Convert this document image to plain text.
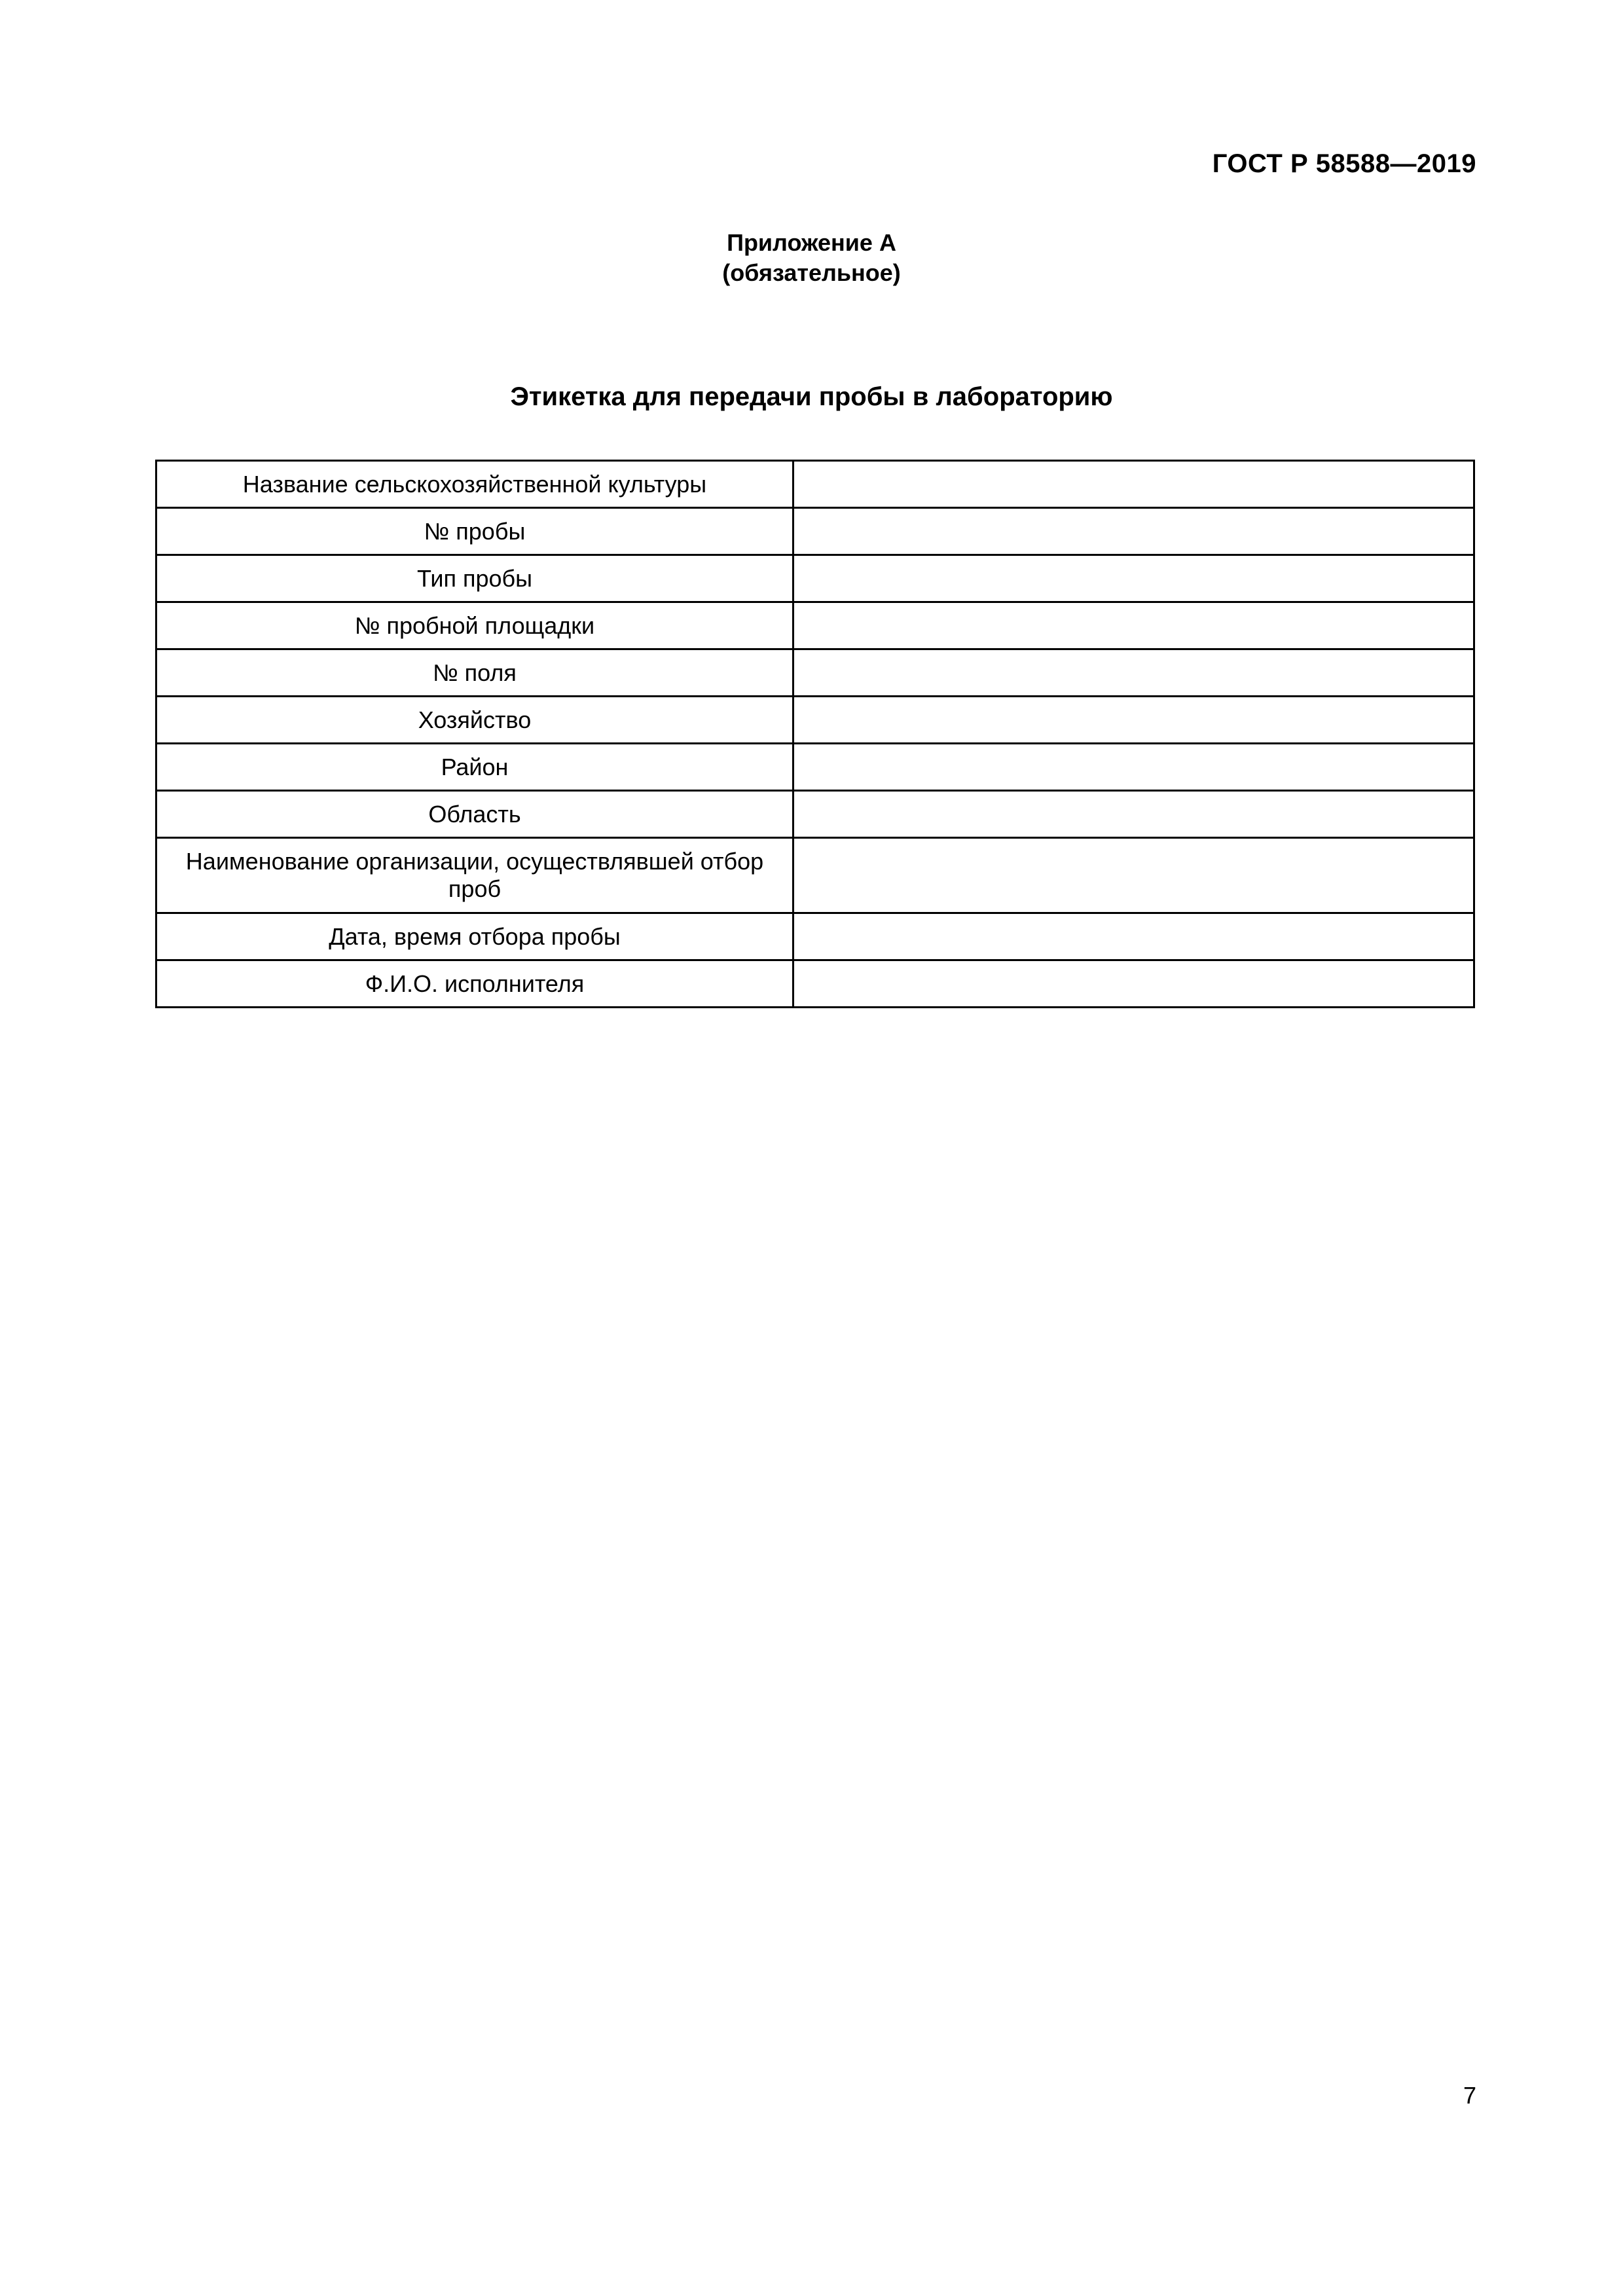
ГОСТ Р 58588—2019
Приложение А
(обязательное)
Этикетка для передачи пробы в лабораторию
Название сельскохозяйственной культуры	
№ пробы	
Тип пробы	
№ пробной площадки	
№ поля	
Хозяйство	
Район	
Область	
Наименование организации, осуществлявшей отбор проб	
Дата, время отбора пробы	
Ф.И.О. исполнителя	
7
